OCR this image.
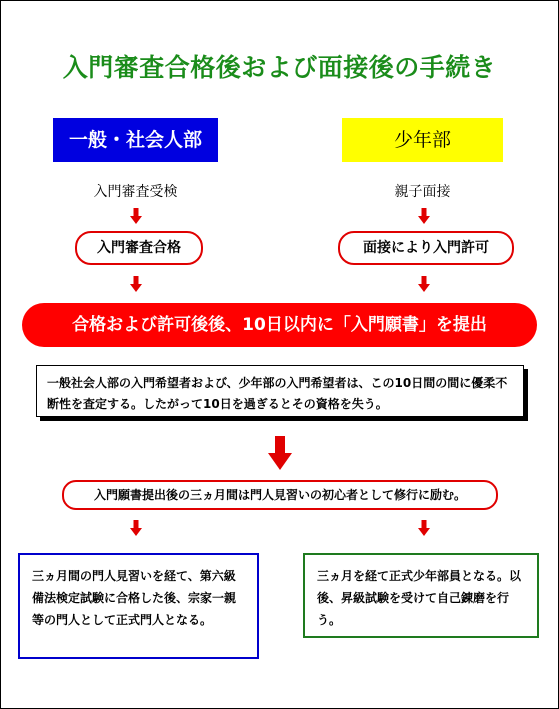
入門審査合格後および面接後の手続き
一般・社会人部	少年部
入門審査受検	親子面接
入門審査合格	面接により入門許可
合格および許可後後、10日以内に「入門願書」を提出
一般社会人部の入門希望者および、少年部の入門希望者は、この10日間の間に優柔不断性を査定する。したがって10日を過ぎるとその資格を失う。
入門願書提出後の三ヵ月間は門人見習いの初心者として修行に励む。
三ヵ月間の門人見習いを経て、第六級備法検定試験に合格した後、宗家一親等の門人として正式門人となる。
三ヵ月を経て正式少年部員となる。以後、昇級試験を受けて自己錬磨を行う。
